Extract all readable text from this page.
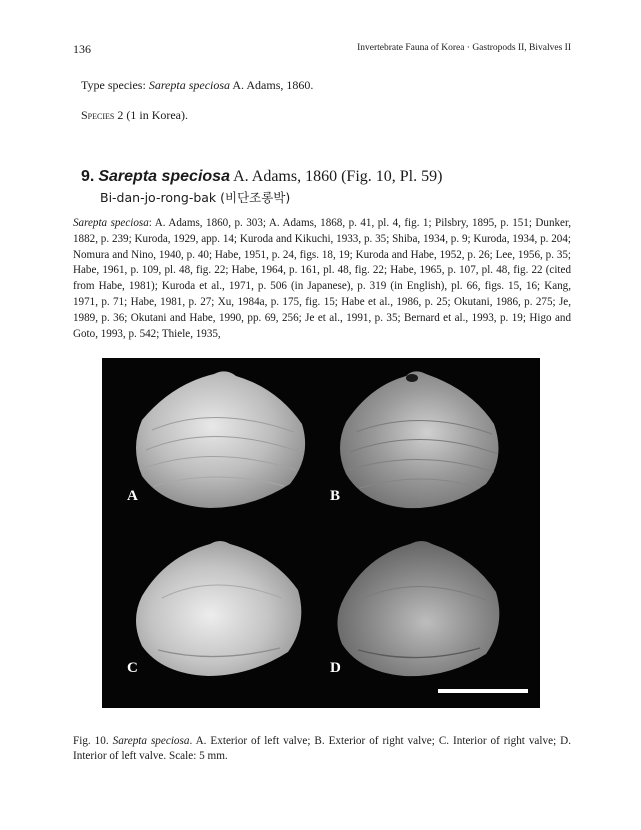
136	Invertebrate Fauna of Korea · Gastropods II, Bivalves II
Type species: Sarepta speciosa A. Adams, 1860.
Species 2 (1 in Korea).
9. Sarepta speciosa A. Adams, 1860 (Fig. 10, Pl. 59)
Bi-dan-jo-rong-bak (비단조롱박)
Sarepta speciosa: A. Adams, 1860, p. 303; A. Adams, 1868, p. 41, pl. 4, fig. 1; Pilsbry, 1895, p. 151; Dunker, 1882, p. 239; Kuroda, 1929, app. 14; Kuroda and Kikuchi, 1933, p. 35; Shiba, 1934, p. 9; Kuroda, 1934, p. 204; Nomura and Nino, 1940, p. 40; Habe, 1951, p. 24, figs. 18, 19; Kuroda and Habe, 1952, p. 26; Lee, 1956, p. 35; Habe, 1961, p. 109, pl. 48, fig. 22; Habe, 1964, p. 161, pl. 48, fig. 22; Habe, 1965, p. 107, pl. 48, fig. 22 (cited from Habe, 1981); Kuroda et al., 1971, p. 506 (in Japanese), p. 319 (in English), pl. 66, figs. 15, 16; Kang, 1971, p. 71; Habe, 1981, p. 27; Xu, 1984a, p. 175, fig. 15; Habe et al., 1986, p. 25; Okutani, 1986, p. 275; Je, 1989, p. 36; Okutani and Habe, 1990, pp. 69, 256; Je et al., 1991, p. 35; Bernard et al., 1993, p. 19; Higo and Goto, 1993, p. 542; Thiele, 1935,
A	B
C	D
Fig. 10. Sarepta speciosa. A. Exterior of left valve; B. Exterior of right valve; C. Interior of right valve; D. Interior of left valve. Scale: 5 mm.
